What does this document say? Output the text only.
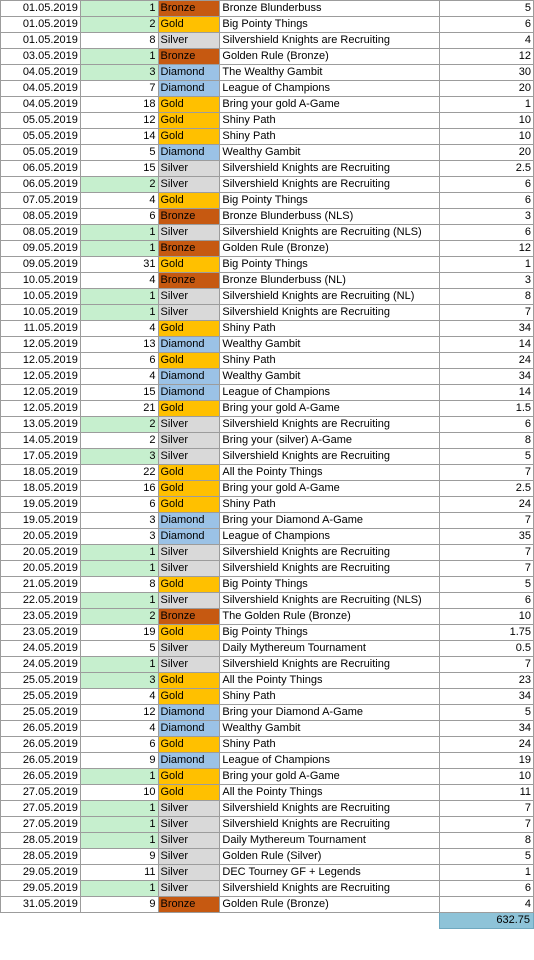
01.05.2019	1	Bronze	Bronze Blunderbuss	5
01.05.2019	2	Gold	Big Pointy Things	6
01.05.2019	8	Silver	Silvershield Knights are Recruiting	4
03.05.2019	1	Bronze	Golden Rule (Bronze)	12
04.05.2019	3	Diamond	The Wealthy Gambit	30
04.05.2019	7	Diamond	League of Champions	20
04.05.2019	18	Gold	Bring your gold A-Game	1
05.05.2019	12	Gold	Shiny Path	10
05.05.2019	14	Gold	Shiny Path	10
05.05.2019	5	Diamond	Wealthy Gambit	20
06.05.2019	15	Silver	Silvershield Knights are Recruiting	2.5
06.05.2019	2	Silver	Silvershield Knights are Recruiting	6
07.05.2019	4	Gold	Big Pointy Things	6
08.05.2019	6	Bronze	Bronze Blunderbuss (NLS)	3
08.05.2019	1	Silver	Silvershield Knights are Recruiting (NLS)	6
09.05.2019	1	Bronze	Golden Rule (Bronze)	12
09.05.2019	31	Gold	Big Pointy Things	1
10.05.2019	4	Bronze	Bronze Blunderbuss (NL)	3
10.05.2019	1	Silver	Silvershield Knights are Recruiting (NL)	8
10.05.2019	1	Silver	Silvershield Knights are Recruiting	7
11.05.2019	4	Gold	Shiny Path	34
12.05.2019	13	Diamond	Wealthy Gambit	14
12.05.2019	6	Gold	Shiny Path	24
12.05.2019	4	Diamond	Wealthy Gambit	34
12.05.2019	15	Diamond	League of Champions	14
12.05.2019	21	Gold	Bring your gold A-Game	1.5
13.05.2019	2	Silver	Silvershield Knights are Recruiting	6
14.05.2019	2	Silver	Bring your (silver) A-Game	8
17.05.2019	3	Silver	Silvershield Knights are Recruiting	5
18.05.2019	22	Gold	All the Pointy Things	7
18.05.2019	16	Gold	Bring your gold A-Game	2.5
19.05.2019	6	Gold	Shiny Path	24
19.05.2019	3	Diamond	Bring your Diamond A-Game	7
20.05.2019	3	Diamond	League of Champions	35
20.05.2019	1	Silver	Silvershield Knights are Recruiting	7
20.05.2019	1	Silver	Silvershield Knights are Recruiting	7
21.05.2019	8	Gold	Big Pointy Things	5
22.05.2019	1	Silver	Silvershield Knights are Recruiting (NLS)	6
23.05.2019	2	Bronze	The Golden Rule (Bronze)	10
23.05.2019	19	Gold	Big Pointy Things	1.75
24.05.2019	5	Silver	Daily Mythereum Tournament	0.5
24.05.2019	1	Silver	Silvershield Knights are Recruiting	7
25.05.2019	3	Gold	All the Pointy Things	23
25.05.2019	4	Gold	Shiny Path	34
25.05.2019	12	Diamond	Bring your Diamond A-Game	5
26.05.2019	4	Diamond	Wealthy Gambit	34
26.05.2019	6	Gold	Shiny Path	24
26.05.2019	9	Diamond	League of Champions	19
26.05.2019	1	Gold	Bring your gold A-Game	10
27.05.2019	10	Gold	All the Pointy Things	11
27.05.2019	1	Silver	Silvershield Knights are Recruiting	7
27.05.2019	1	Silver	Silvershield Knights are Recruiting	7
28.05.2019	1	Silver	Daily Mythereum Tournament	8
28.05.2019	9	Silver	Golden Rule (Silver)	5
29.05.2019	11	Silver	DEC Tourney GF + Legends	1
29.05.2019	1	Silver	Silvershield Knights are Recruiting	6
31.05.2019	9	Bronze	Golden Rule (Bronze)	4
				632.75
